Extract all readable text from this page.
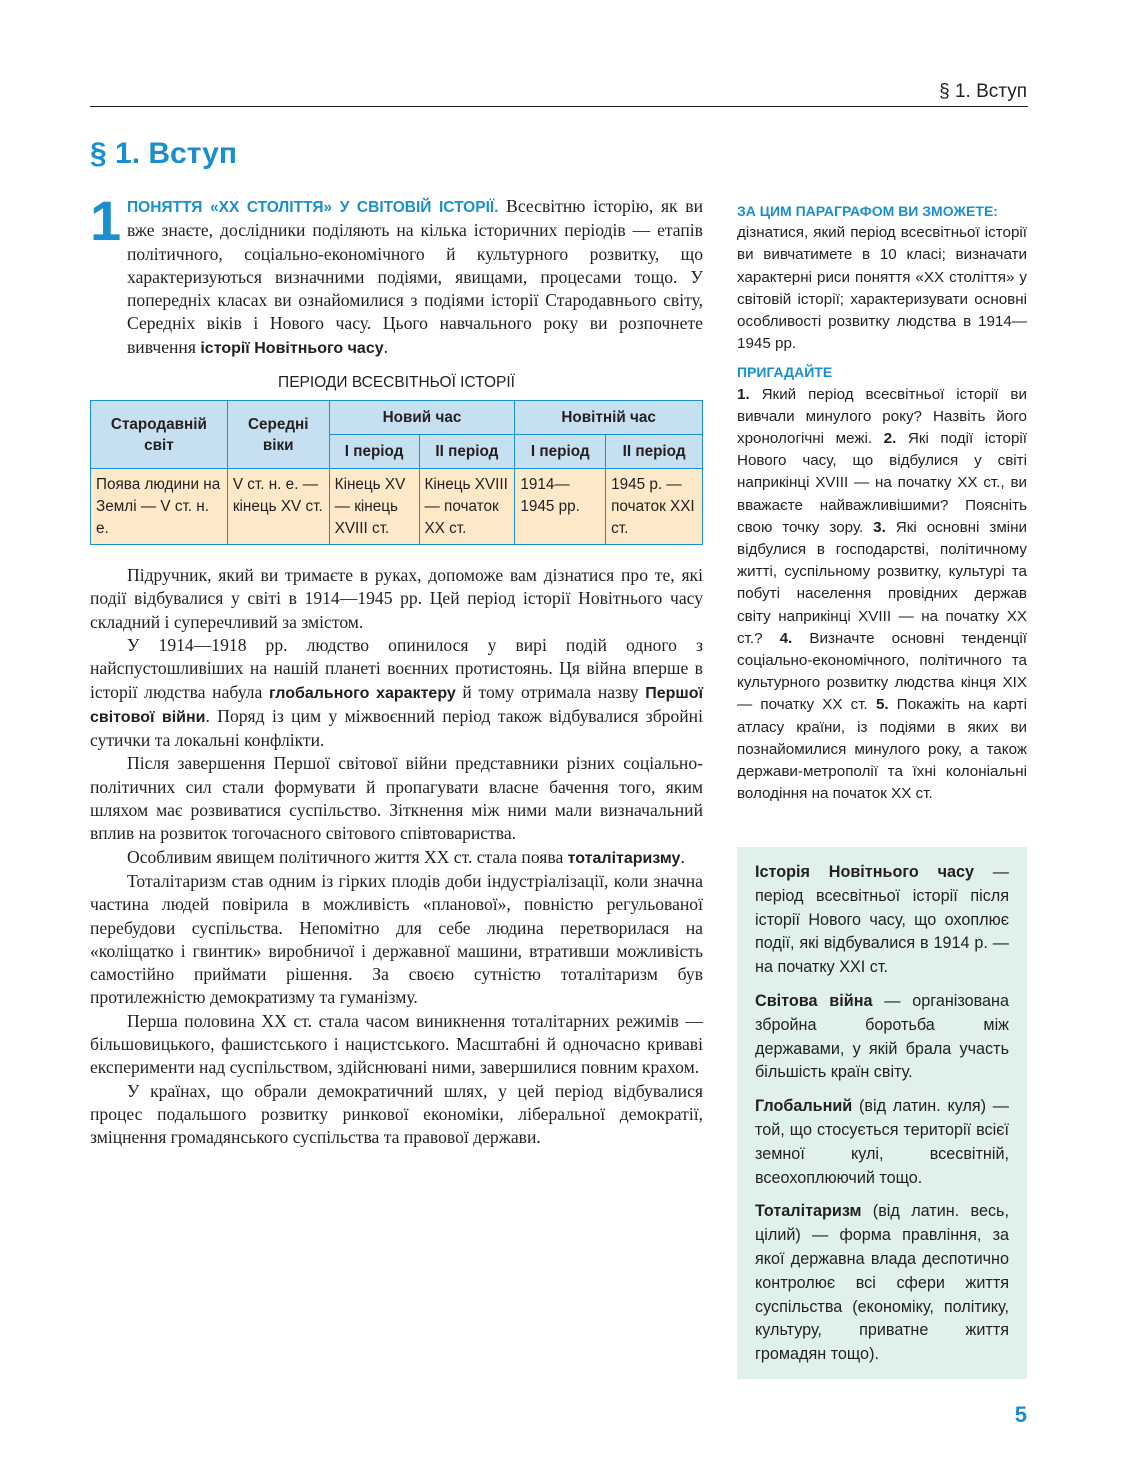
§ 1. Вступ
§ 1. Вступ
1 ПОНЯТТЯ «ХХ СТОЛІТТЯ» У СВІТОВІЙ ІСТОРІЇ. Всесвітню історію, як ви вже знаєте, дослідники поділяють на кілька історичних періодів — етапів політичного, соціально-економічного й культурного розвитку, що характеризуються визначними подіями, явищами, процесами тощо. У попередніх класах ви ознайомилися з подіями історії Стародавнього світу, Середніх віків і Нового часу. Цього навчального року ви розпочнете вивчення історії Новітнього часу.

ПЕРІОДИ ВСЕСВІТНЬОЇ ІСТОРІЇ
Стародавній світ	Середні віки	Новий час		Новітній час	
		І період	ІІ період	І період	ІІ період
Поява людини на Землі — V ст. н. е.	V ст. н. е. — кінець XV ст.	Кінець XV — кінець XVIII ст.	Кінець XVIII — початок XX ст.	1914—1945 рр.	1945 р. — початок XXI ст.

Підручник, який ви тримаєте в руках, допоможе вам дізнатися про те, які події відбувалися у світі в 1914—1945 рр. Цей період історії Новітнього часу складний і суперечливий за змістом.

У 1914—1918 рр. людство опинилося у вирі подій одного з найспустошливіших на нашій планеті воєнних протистоянь. Ця війна вперше в історії людства набула глобального характеру й тому отримала назву Першої світової війни. Поряд із цим у міжвоєнний період також відбувалися збройні сутички та локальні конфлікти.

Після завершення Першої світової війни представники різних соціально-політичних сил стали формувати й пропагувати власне бачення того, яким шляхом має розвиватися суспільство. Зіткнення між ними мали визначальний вплив на розвиток тогочасного світового співтовариства.

Особливим явищем політичного життя ХХ ст. стала поява тоталітаризму.

Тоталітаризм став одним із гірких плодів доби індустріалізації, коли значна частина людей повірила в можливість «планової», повністю регульованої перебудови суспільства. Непомітно для себе людина перетворилася на «коліщатко і гвинтик» виробничої і державної машини, втративши можливість самостійно приймати рішення. За своєю сутністю тоталітаризм був протилежністю демократизму та гуманізму.

Перша половина ХХ ст. стала часом виникнення тоталітарних режимів — більшовицького, фашистського і нацистського. Масштабні й одночасно криваві експерименти над суспільством, здійснювані ними, завершилися повним крахом.

У країнах, що обрали демократичний шлях, у цей період відбувалися процес подальшого розвитку ринкової економіки, ліберальної демократії, зміцнення громадянського суспільства та правової держави.

ЗА ЦИМ ПАРАГРАФОМ ВИ ЗМОЖЕТЕ:

дізнатися, який період всесвітньої історії ви вивчатимете в 10 класі; визначати характерні риси поняття «ХХ століття» у світовій історії; характеризувати основні особливості розвитку людства в 1914—1945 рр.

ПРИГАДАЙТЕ

1. Який період всесвітньої історії ви вивчали минулого року? Назвіть його хронологічні межі. 2. Які події історії Нового часу, що відбулися у світі наприкінці XVIII — на початку ХХ ст., ви вважаєте найважливішими? Поясніть свою точку зору. 3. Які основні зміни відбулися в господарстві, політичному житті, суспільному розвитку, культурі та побуті населення провідних держав світу наприкінці XVIII — на початку ХХ ст.? 4. Визначте основні тенденції соціально-економічного, політичного та культурного розвитку людства кінця ХІХ — початку ХХ ст. 5. Покажіть на карті атласу країни, із подіями в яких ви познайомилися минулого року, а також держави-метрополії та їхні колоніальні володіння на початок ХХ ст.

Історія Новітнього часу — період всесвітньої історії після історії Нового часу, що охоплює події, які відбувалися в 1914 р. — на початку XXI ст.

Світова війна — організована збройна боротьба між державами, у якій брала участь більшість країн світу.

Глобальний (від латин. куля) — той, що стосується території всієї земної кулі, всесвітній, всеохоплюючий тощо.

Тоталітаризм (від латин. весь, цілий) — форма правління, за якої державна влада деспотично контролює всі сфери життя суспільства (економіку, політику, культуру, приватне життя громадян тощо).

5
